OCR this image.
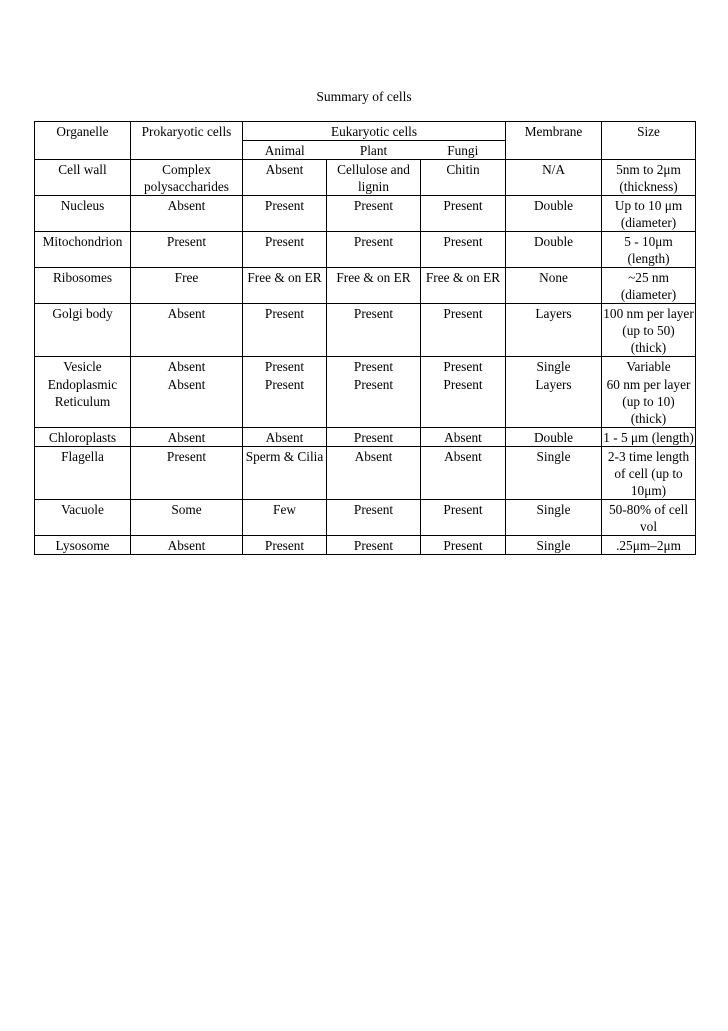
Summary of cells
Organelle	Prokaryotic cells	Eukaryotic cells			Membrane	Size
		Animal	Plant	Fungi		
Cell wall	Complex polysaccharides	Absent	Cellulose and lignin	Chitin	N/A	5nm to 2μm (thickness)
Nucleus	Absent	Present	Present	Present	Double	Up to 10 μm (diameter)
Mitochondrion	Present	Present	Present	Present	Double	5 - 10μm (length)
Ribosomes	Free	Free & on ER	Free & on ER	Free & on ER	None	~25 nm (diameter)
Golgi body	Absent	Present	Present	Present	Layers	100 nm per layer (up to 50) (thick)
Vesicle	Absent	Present	Present	Present	Single	Variable
Endoplasmic Reticulum	Absent	Present	Present	Present	Layers	60 nm per layer (up to 10) (thick)
Chloroplasts	Absent	Absent	Present	Absent	Double	1 - 5 μm (length)
Flagella	Present	Sperm & Cilia	Absent	Absent	Single	2-3 time length of cell (up to 10μm)
Vacuole	Some	Few	Present	Present	Single	50-80% of cell vol
Lysosome	Absent	Present	Present	Present	Single	.25μm–2μm
